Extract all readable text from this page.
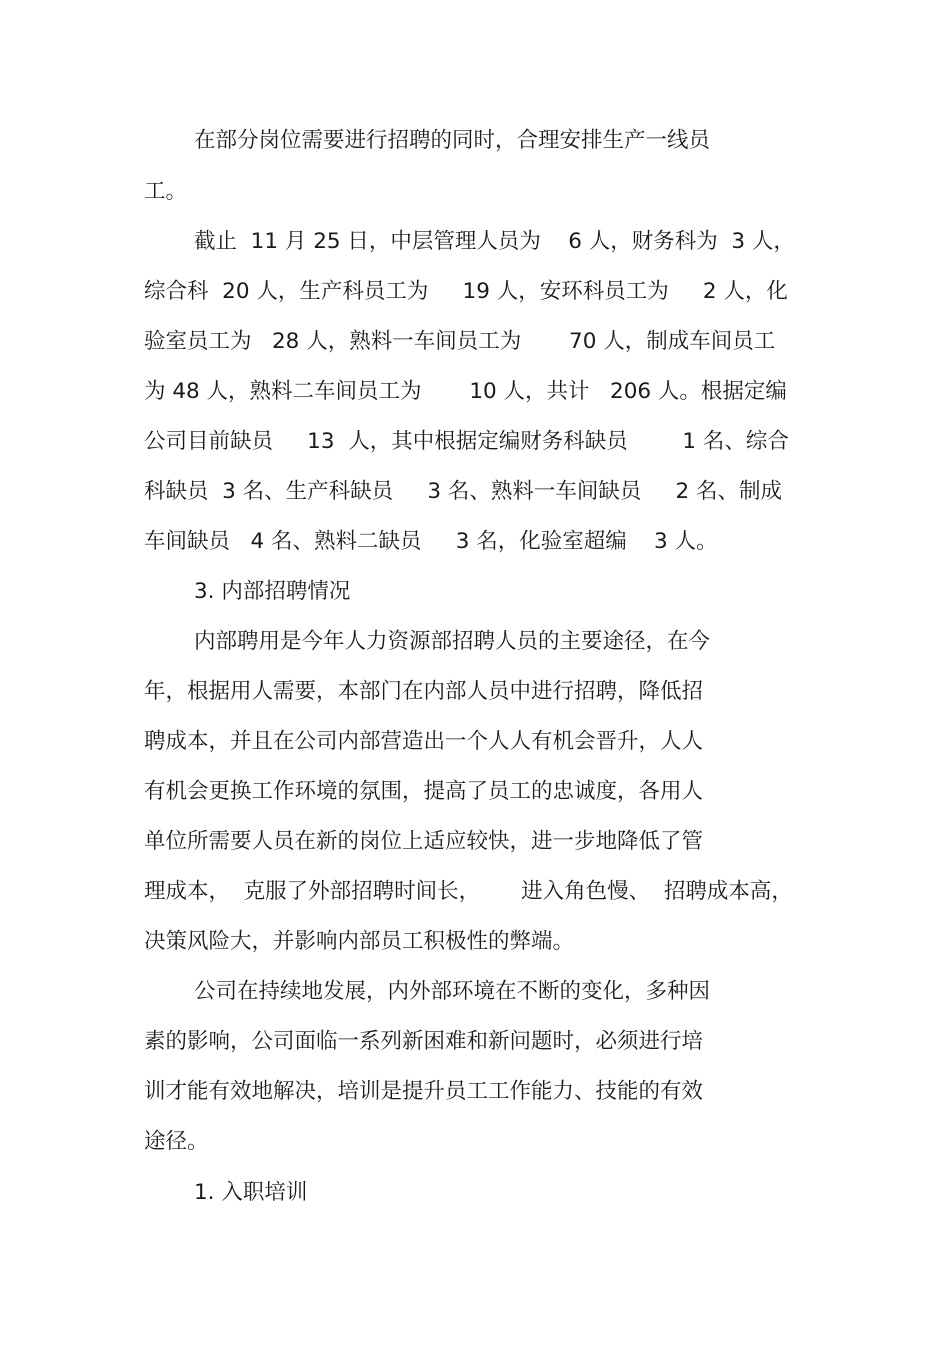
在部分岗位需要进行招聘的同时，合理安排生产一线员
工。
截止  11 月 25 日，中层管理人员为    6 人，财务科为  3 人，
综合科  20 人，生产科员工为     19 人，安环科员工为     2 人，化
验室员工为   28 人，熟料一车间员工为       70 人，制成车间员工
为 48 人，熟料二车间员工为       10 人，共计   206 人。根据定编
公司目前缺员     13  人，其中根据定编财务科缺员        1 名、综合
科缺员  3 名、生产科缺员     3 名、熟料一车间缺员     2 名、制成
车间缺员   4 名、熟料二缺员     3 名，化验室超编    3 人。
3. 内部招聘情况
内部聘用是今年人力资源部招聘人员的主要途径，在今
年，根据用人需要，本部门在内部人员中进行招聘，降低招
聘成本，并且在公司内部营造出一个人人有机会晋升，人人
有机会更换工作环境的氛围，提高了员工的忠诚度，各用人
单位所需要人员在新的岗位上适应较快，进一步地降低了管
理成本，  克服了外部招聘时间长，      进入角色慢、  招聘成本高，
决策风险大，并影响内部员工积极性的弊端。
公司在持续地发展，内外部环境在不断的变化，多种因
素的影响，公司面临一系列新困难和新问题时，必须进行培
训才能有效地解决，培训是提升员工工作能力、技能的有效
途径。
1. 入职培训
